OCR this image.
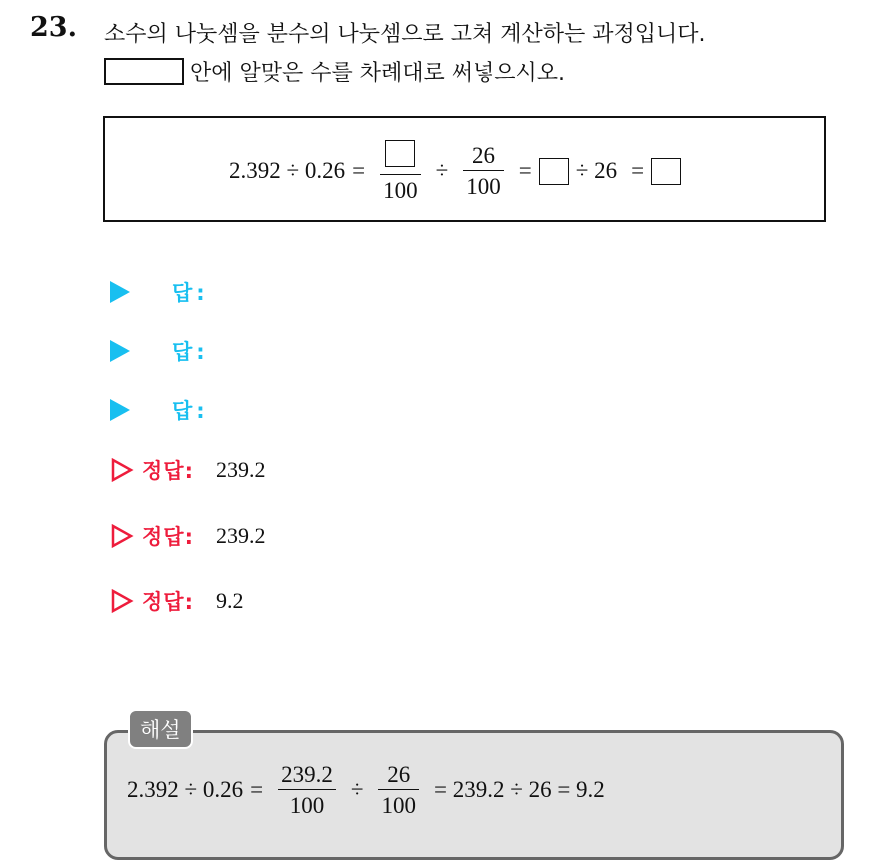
23. 소수의 나눗셈을 분수의 나눗셈으로 고쳐 계산하는 과정입니다.
안에 알맞은 수를 차례대로 써넣으시오.
2.392 ÷ 0.26 =
100
÷ $\frac{26}{100}$ = ÷ 26 =
답:
답:
답:
정답: 239.2
정답: 239.2
정답: 9.2
$2.392 \div 0.26 = \frac{239.2}{100} \div \frac{26}{100} = 239.2 \div 26 = 9.2$
해설
